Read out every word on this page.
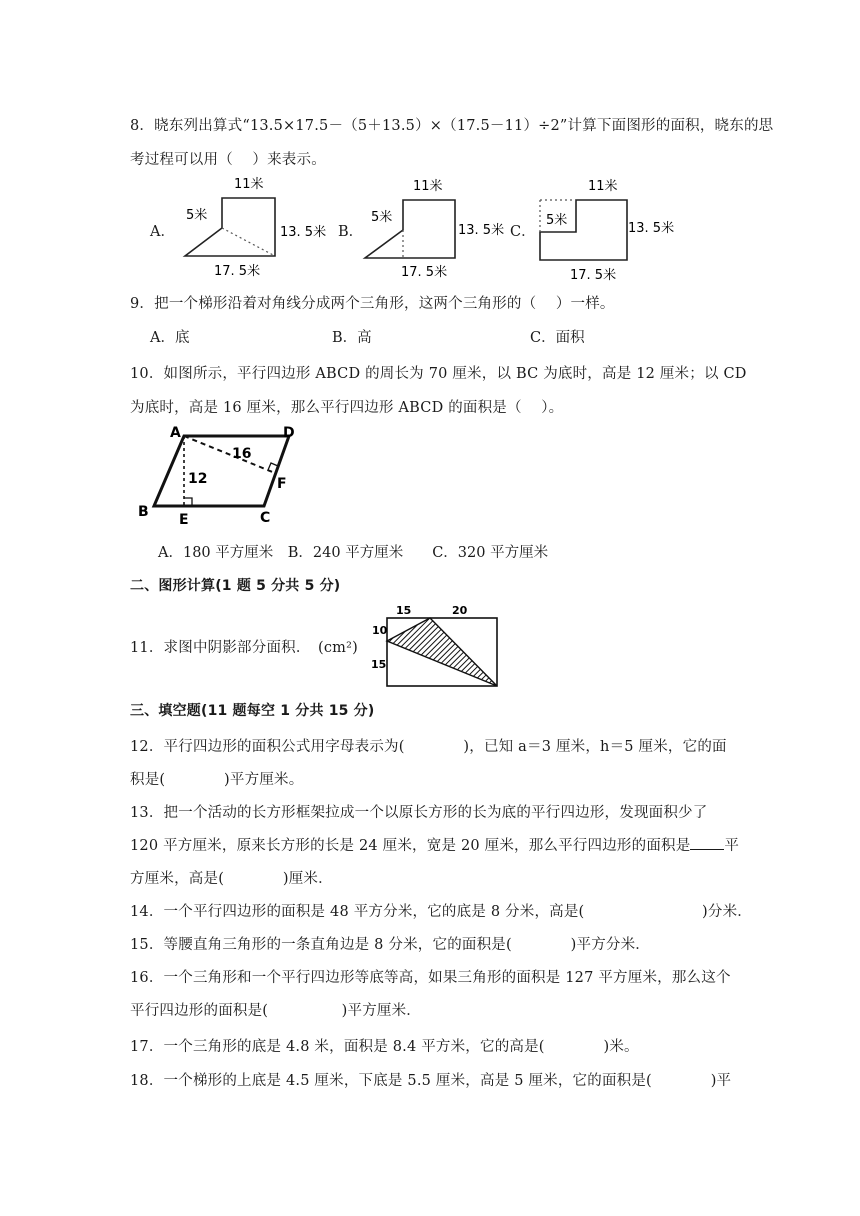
8．晓东列出算式“13.5×17.5－（5＋13.5）×（17.5－11）÷2”计算下面图形的面积，晓东的思
考过程可以用（　 ）来表示。
A．
11米
5米
13. 5米
17. 5米
B．
11米
5米
13. 5米
17. 5米
C．
11米
5米
13. 5米
17. 5米
9．把一个梯形沿着对角线分成两个三角形，这两个三角形的（　 ）一样。
A．底	B．高	C．面积
10．如图所示，平行四边形 ABCD 的周长为 70 厘米，以 BC 为底时，高是 12 厘米；以 CD
为底时，高是 16 厘米，那么平行四边形 ABCD 的面积是（　 ）。
A	D
B	C
E
F
12
16
A．180 平方厘米　B．240 平方厘米　　C．320 平方厘米
二、图形计算(1 题 5 分共 5 分)
11．求图中阴影部分面积．　(cm²)
15	20
10
15
三、填空题(11 题每空 1 分共 15 分)
12．平行四边形的面积公式用字母表示为(　　　　)，已知 a＝3 厘米，h＝5 厘米，它的面
积是(　　　　)平方厘米。
13．把一个活动的长方形框架拉成一个以原长方形的长为底的平行四边形，发现面积少了
120 平方厘米，原来长方形的长是 24 厘米，宽是 20 厘米，那么平行四边形的面积是 平
方厘米，高是(　　　　)厘米．
14．一个平行四边形的面积是 48 平方分米，它的底是 8 分米，高是(　　　　　　　　)分米．
15．等腰直角三角形的一条直角边是 8 分米，它的面积是(　　　　)平方分米．
16．一个三角形和一个平行四边形等底等高，如果三角形的面积是 127 平方厘米，那么这个
平行四边形的面积是(　　　　　)平方厘米．
17．一个三角形的底是 4.8 米，面积是 8.4 平方米，它的高是(　　　　)米。
18．一个梯形的上底是 4.5 厘米，下底是 5.5 厘米，高是 5 厘米，它的面积是(　　　　)平
